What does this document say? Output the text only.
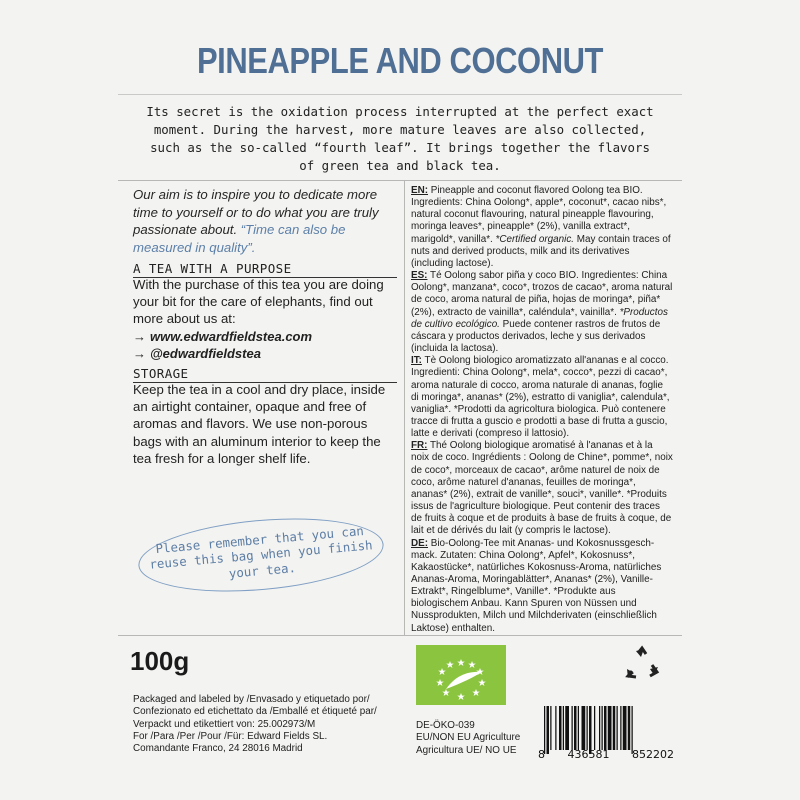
PINEAPPLE AND COCONUT
Its secret is the oxidation process interrupted at the perfect exact moment. During the harvest, more mature leaves are also collected, such as the so-called “fourth leaf”. It brings together the flavors of green tea and black tea.

Our aim is to inspire you to dedicate more time to yourself or to do what you are truly passionate about. “Time can also be measured in quality”.

A TEA WITH A PURPOSE

With the purchase of this tea you are doing your bit for the care of elephants, find out more about us at:

→ www.edwardfieldstea.com
→ @edwardfieldstea
STORAGE

Keep the tea in a cool and dry place, inside an airtight container, opaque and free of aromas and flavors. We use non-porous bags with an aluminum interior to keep the tea fresh for a longer shelf life.

Please remember that you can reuse this bag when you finish your tea.

EN: Pineapple and coconut flavored Oolong tea BIO. Ingredients: China Oolong*, apple*, coconut*, cacao nibs*, natural coconut flavouring, natural pineapple flavouring, moringa leaves*, pineapple* (2%), vanilla extract*, marigold*, vanilla*. *Certified organic. May contain traces of nuts and derived products, milk and its derivatives (including lactose).

ES: Té Oolong sabor piña y coco BIO. Ingredientes: China Oolong*, manzana*, coco*, trozos de cacao*, aroma natural de coco, aroma natural de piña, hojas de moringa*, piña* (2%), extracto de vainilla*, caléndula*, vainilla*. *Productos de cultivo ecológico. Puede contener rastros de frutos de cáscara y productos derivados, leche y sus derivados (incluida la lactosa).

IT: Tè Oolong biologico aromatizzato all'ananas e al cocco. Ingredienti: China Oolong*, mela*, cocco*, pezzi di cacao*, aroma naturale di cocco, aroma naturale di ananas, foglie di moringa*, ananas* (2%), estratto di vaniglia*, calendula*, vaniglia*. *Prodotti da agricoltura biologica. Può contenere tracce di frutta a guscio e prodotti a base di frutta a guscio, latte e derivati (compreso il lattosio).

FR: Thé Oolong biologique aromatisé à l'ananas et à la noix de coco. Ingrédients : Oolong de Chine*, pomme*, noix de coco*, morceaux de cacao*, arôme naturel de noix de coco, arôme naturel d'ananas, feuilles de moringa*, ananas* (2%), extrait de vanille*, souci*, vanille*. *Produits issus de l'agriculture biologique. Peut contenir des traces de fruits à coque et de produits à base de fruits à coque, de lait et de dérivés du lait (y compris le lactose).

DE: Bio-Oolong-Tee mit Ananas- und Kokosnussgesch-mack. Zutaten: China Oolong*, Apfel*, Kokosnuss*, Kakaostücke*, natürliches Kokosnuss-Aroma, natürliches Ananas-Aroma, Moringablätter*, Ananas* (2%), Vanille-Extrakt*, Ringelblume*, Vanille*. *Produkte aus biologischem Anbau. Kann Spuren von Nüssen und Nussprodukten, Milch und Milchderivaten (einschließlich Laktose) enthalten.

100g
Packaged and labeled by /Envasado y etiquetado por/
Confezionato ed etichettato da /Emballé et étiqueté par/
Verpackt und etikettiert von: 25.002973/M
For /Para /Per /Pour /Für: Edward Fields SL.
Comandante Franco, 24 28016 Madrid
DE-ÖKO-039
EU/NON EU Agriculture
Agricultura UE/ NO UE	8 436581 852202
